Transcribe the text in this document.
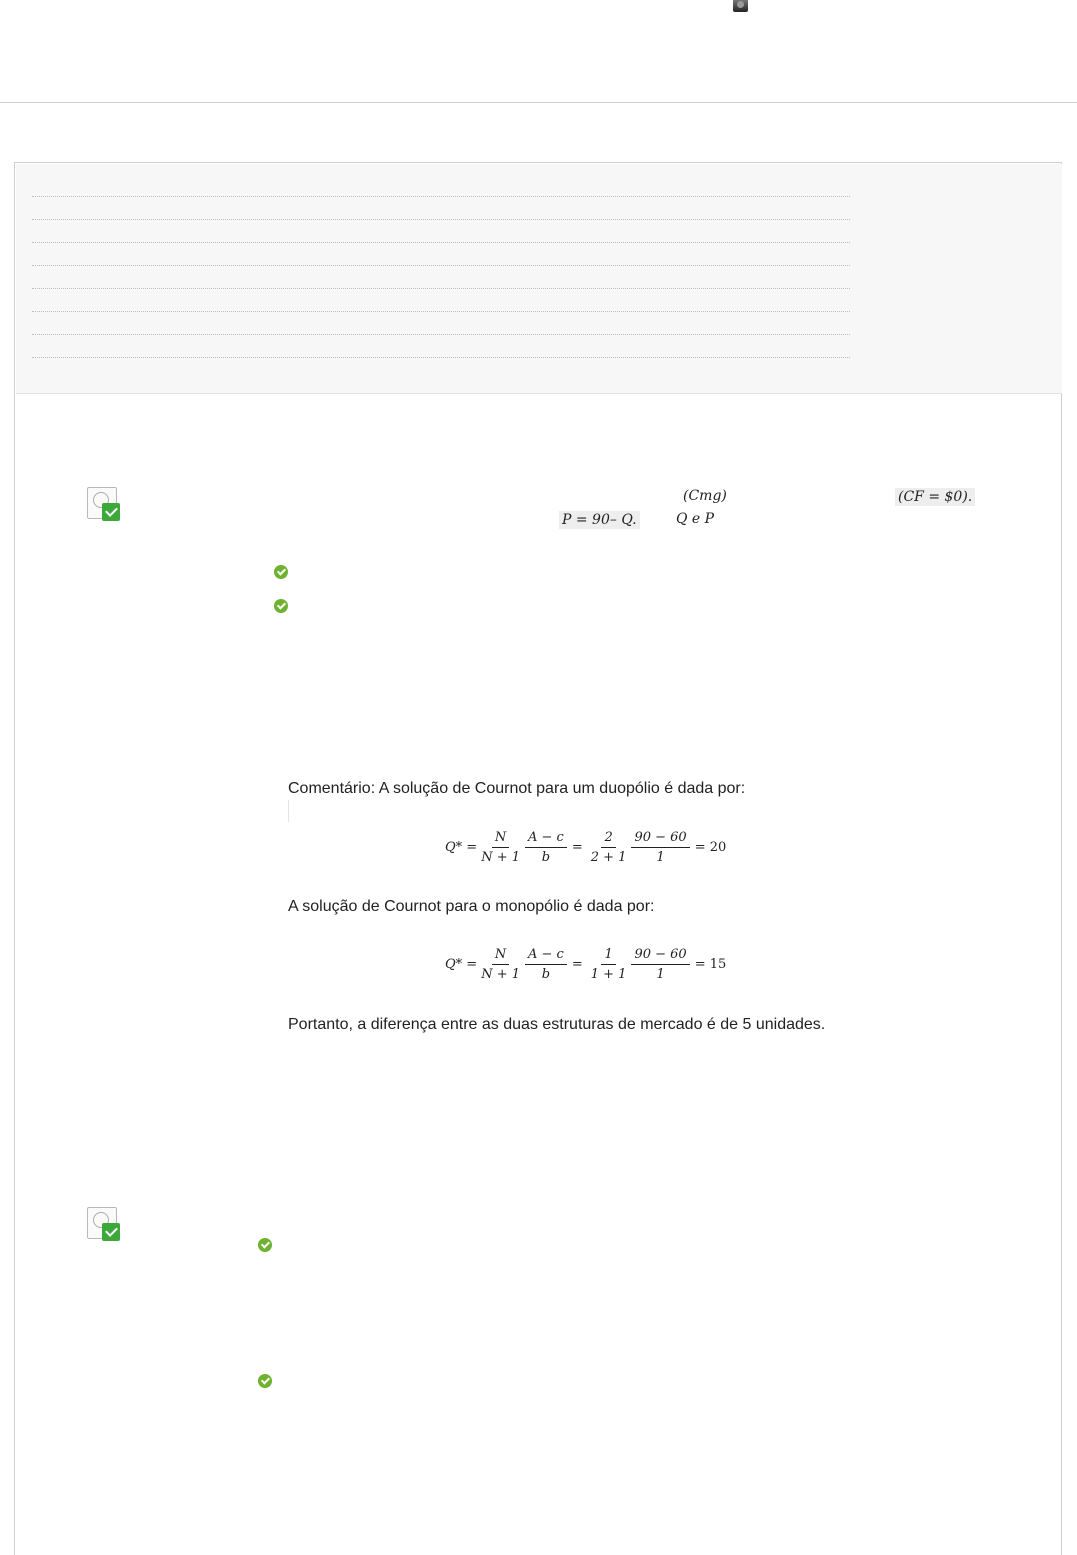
(Cmg)	(CF = $0).
P = 90– Q.	Q e P
Comentário: A solução de Cournot para um duopólio é dada por:
$Q* = \frac{N}{N + 1} \frac{A - c}{b} = \frac{2}{2 + 1} \frac{90 - 60}{1} = 20$
A solução de Cournot para o monopólio é dada por:
$Q* = \frac{N}{N + 1} \frac{A - c}{b} = \frac{1}{1 + 1} \frac{90 - 60}{1} = 15$
Portanto, a diferença entre as duas estruturas de mercado é de 5 unidades.
